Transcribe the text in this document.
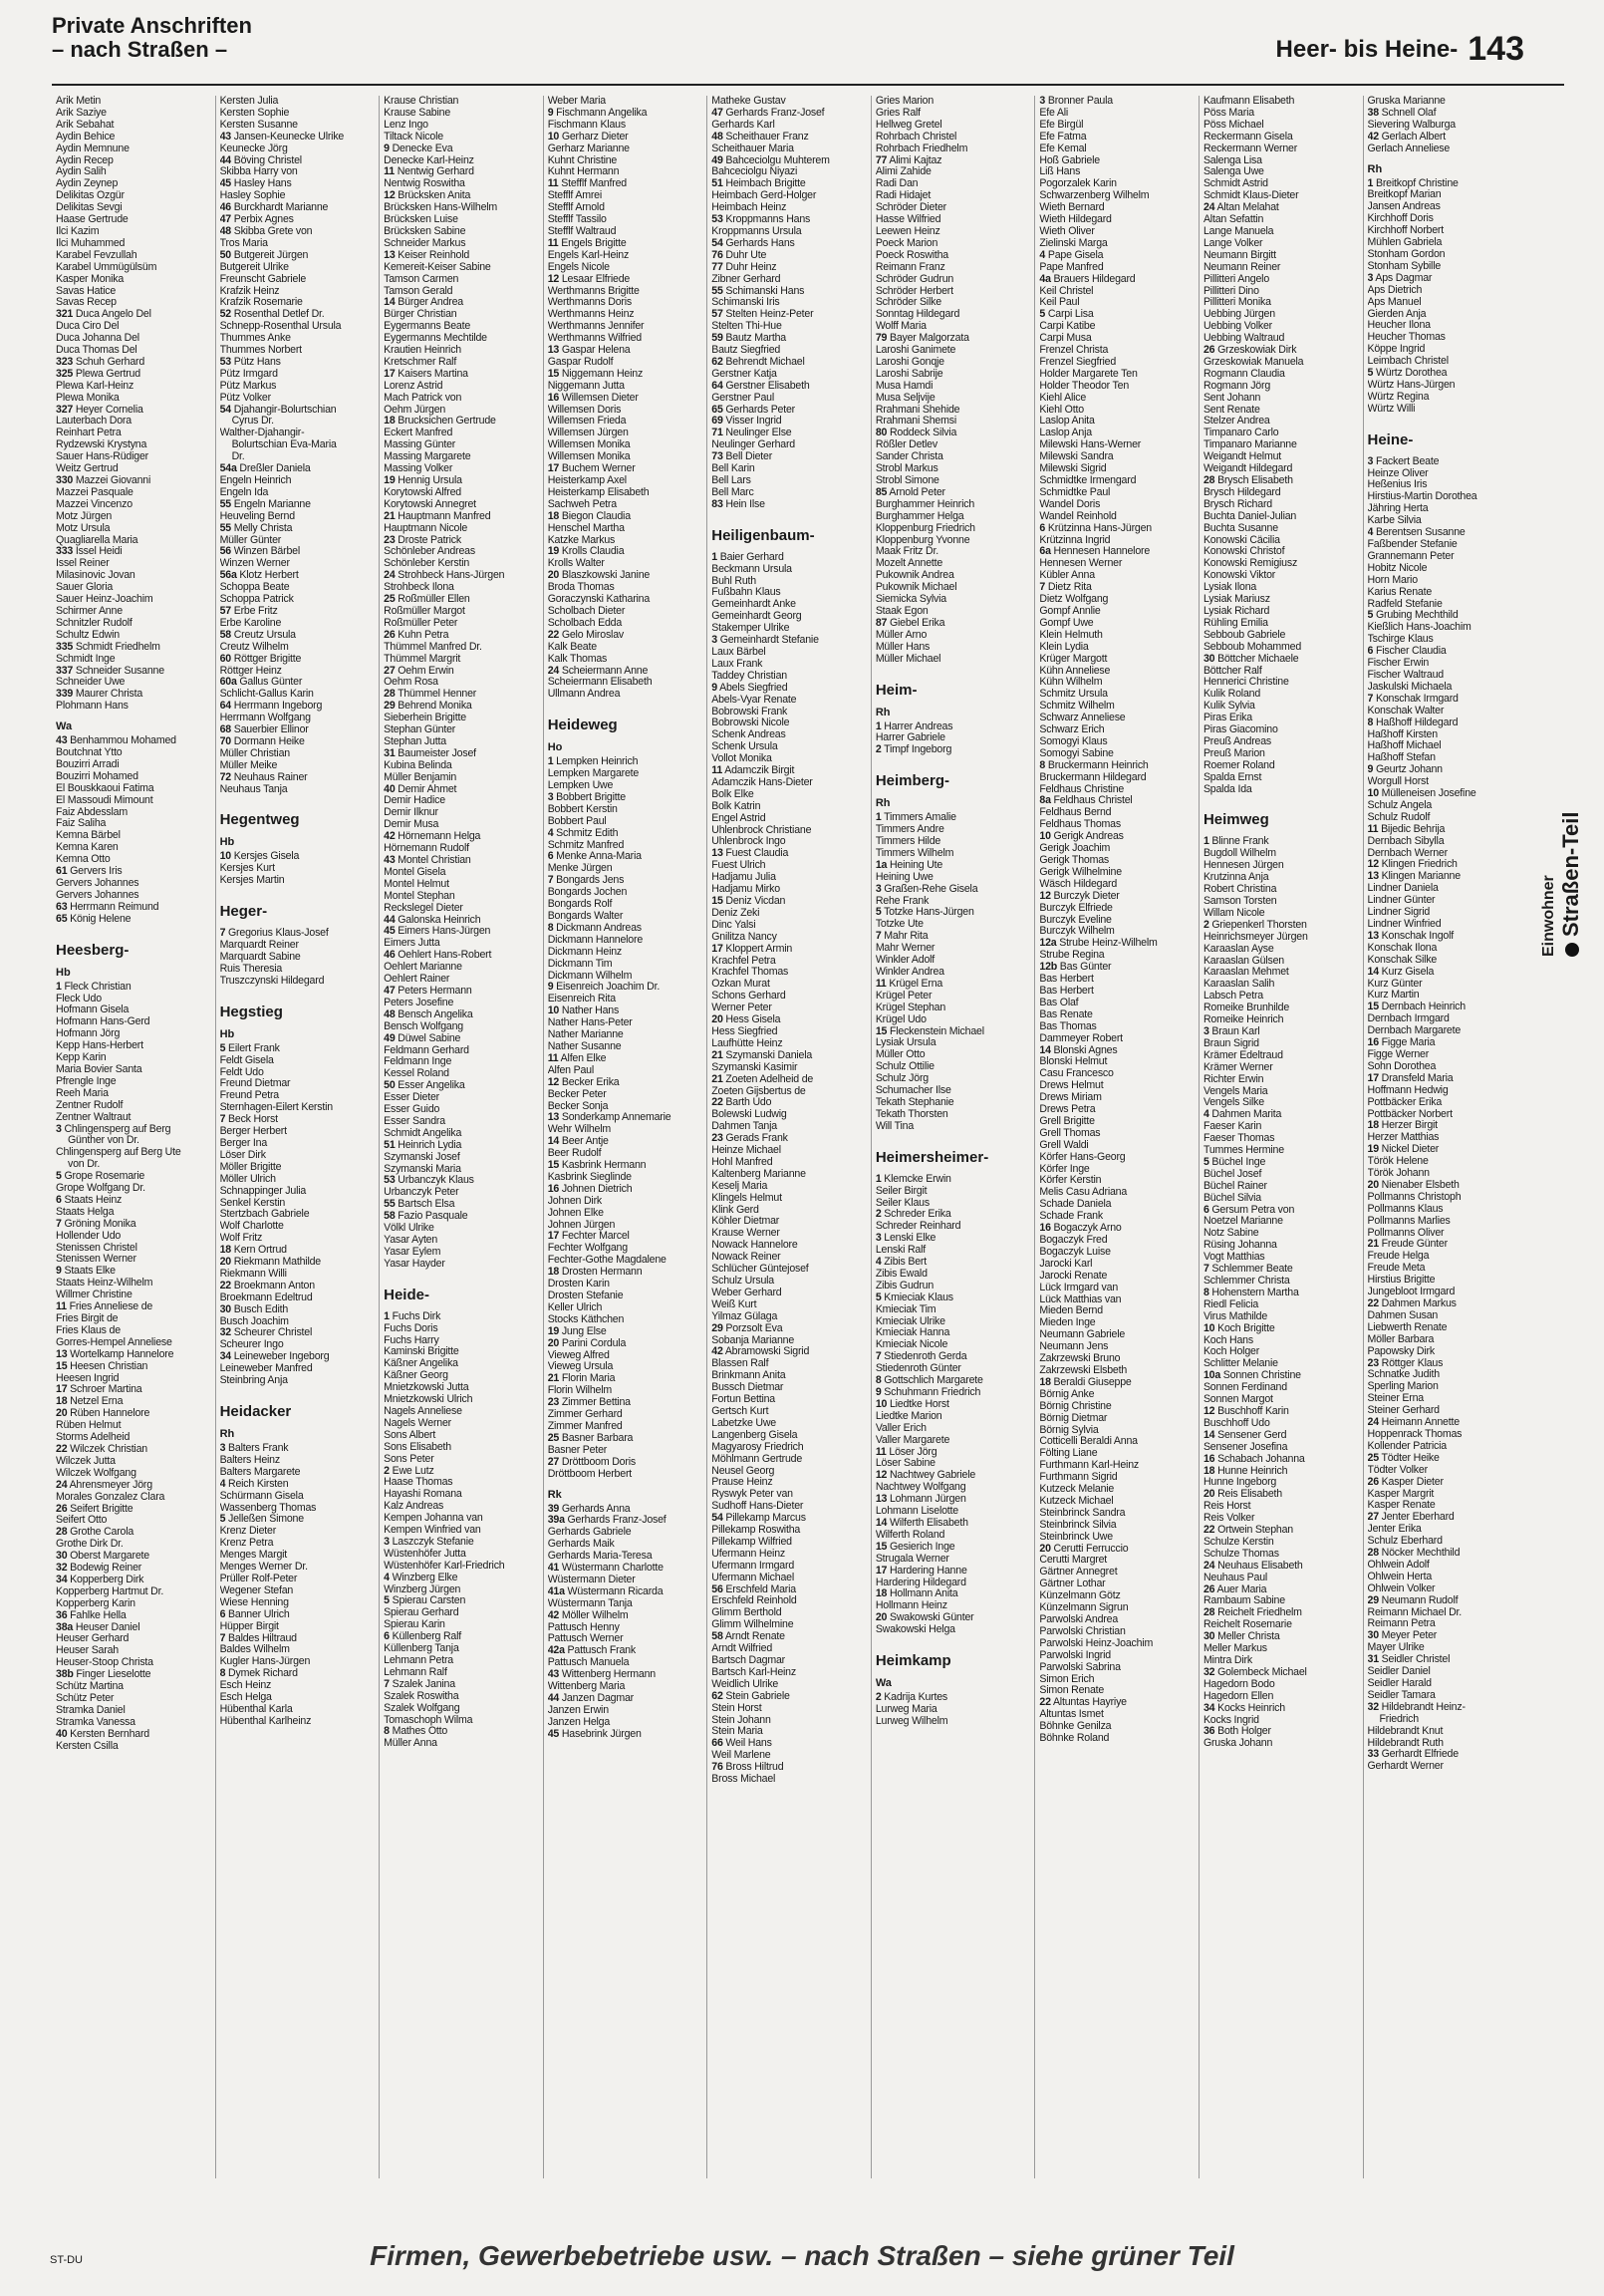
Private Anschriften
– nach Straßen –	Heer- bis Heine- 143
Arik Metin
Arik Saziye
Arik Sebahat
Aydin Behice
Aydin Memnune
Aydin Recep
Aydin Salih
Aydin Zeynep
Delikitas Özgür
Delikitas Sevgi
Haase Gertrude
Ilci Kazim
Ilci Muhammed
Karabel Fevzullah
Karabel Ümmügülsüm
Kasper Monika
Savas Hatice
Savas Recep
321 Duca Angelo Del
Duca Ciro Del
Duca Johanna Del
Duca Thomas Del
323 Schuh Gerhard
325 Plewa Gertrud
Plewa Karl-Heinz
Plewa Monika
327 Heyer Cornelia
Lauterbach Dora
Reinhart Petra
Rydzewski Krystyna
Sauer Hans-Rüdiger
Weitz Gertrud
330 Mazzei Giovanni
Mazzei Pasquale
Mazzei Vincenzo
Motz Jürgen
Motz Ursula
Quagliarella Maria
333 Issel Heidi
Issel Reiner
Milasinovic Jovan
Sauer Gloria
Sauer Heinz-Joachim
Schirmer Anne
Schnitzler Rudolf
Schultz Edwin
335 Schmidt Friedhelm
Schmidt Inge
337 Schneider Susanne
Schneider Uwe
339 Maurer Christa
Plohmann Hans
Wa
43 Benhammou Mohamed
Boutchnat Ytto
Bouzirri Arradi
Bouzirri Mohamed
El Bouskkaoui Fatima
El Massoudi Mimount
Faiz Abdesslam
Faiz Saliha
Kemna Bärbel
Kemna Karen
Kemna Otto
61 Gervers Iris
Gervers Johannes
Gervers Johannes
63 Herrmann Reimund
65 König Helene
Heesberg-
Hb
1 Fleck Christian
Fleck Udo
Hofmann Gisela
Hofmann Hans-Gerd
Hofmann Jörg
Kepp Hans-Herbert
Kepp Karin
Maria Bovier Santa
Pfrengle Inge
Reeh Maria
Zentner Rudolf
Zentner Waltraut
3 Chlingensperg auf Berg
Günther von Dr.
Chlingensperg auf Berg Ute
von Dr.
5 Grope Rosemarie
Grope Wolfgang Dr.
6 Staats Heinz
Staats Helga
7 Gröning Monika
Hollender Udo
Stenissen Christel
Stenissen Werner
9 Staats Elke
Staats Heinz-Wilhelm
Willmer Christine
11 Fries Anneliese de
Fries Birgit de
Fries Klaus de
Gorres-Hempel Anneliese
13 Wortelkamp Hannelore
15 Heesen Christian
Heesen Ingrid
17 Schroer Martina
18 Netzel Erna
20 Rüben Hannelore
Rüben Helmut
Storms Adelheid
22 Wilczek Christian
Wilczek Jutta
Wilczek Wolfgang
24 Ahrensmeyer Jörg
Morales Gonzalez Clara
26 Seifert Brigitte
Seifert Otto
28 Grothe Carola
Grothe Dirk Dr.
30 Oberst Margarete
32 Bodewig Reiner
34 Kopperberg Dirk
Kopperberg Hartmut Dr.
Kopperberg Karin
36 Fahlke Hella
38a Heuser Daniel
Heuser Gerhard
Heuser Sarah
Heuser-Stoop Christa
38b Finger Lieselotte
Schütz Martina
Schütz Peter
Stramka Daniel
Stramka Vanessa
40 Kersten Bernhard
Kersten Csilla
Kersten Julia
Kersten Sophie
Kersten Susanne
43 Jansen-Keunecke Ulrike
Keunecke Jörg
44 Böving Christel
Skibba Harry von
45 Hasley Hans
Hasley Sophie
46 Burckhardt Marianne
47 Perbix Agnes
48 Skibba Grete von
Tros Maria
50 Butgereit Jürgen
Butgereit Ulrike
Freunscht Gabriele
Krafzik Heinz
Krafzik Rosemarie
52 Rosenthal Detlef Dr.
Schnepp-Rosenthal Ursula
Thummes Anke
Thummes Norbert
53 Pütz Hans
Pütz Irmgard
Pütz Markus
Pütz Volker
54 Djahangir-Bolurtschian
Cyrus Dr.
Walther-Djahangir-
Bolurtschian Eva-Maria
Dr.
54a Dreßler Daniela
Engeln Heinrich
Engeln Ida
55 Engeln Marianne
Heuveling Bernd
55 Melly Christa
Müller Günter
56 Winzen Bärbel
Winzen Werner
56a Klotz Herbert
Schoppa Beate
Schoppa Patrick
57 Erbe Fritz
Erbe Karoline
58 Creutz Ursula
Creutz Wilhelm
60 Röttger Brigitte
Röttger Heinz
60a Gallus Günter
Schlicht-Gallus Karin
64 Herrmann Ingeborg
Herrmann Wolfgang
68 Sauerbier Ellinor
70 Dormann Heike
Müller Christian
Müller Meike
72 Neuhaus Rainer
Neuhaus Tanja
Hegentweg
Hb
10 Kersjes Gisela
Kersjes Kurt
Kersjes Martin
Heger-
7 Gregorius Klaus-Josef
Marquardt Reiner
Marquardt Sabine
Ruis Theresia
Truszczynski Hildegard
Hegstieg
Hb
5 Eilert Frank
Feldt Gisela
Feldt Udo
Freund Dietmar
Freund Petra
Sternhagen-Eilert Kerstin
7 Beck Horst
Berger Herbert
Berger Ina
Löser Dirk
Möller Brigitte
Möller Ulrich
Schnappinger Julia
Senkel Kerstin
Stertzbach Gabriele
Wolf Charlotte
Wolf Fritz
18 Kern Ortrud
20 Riekmann Mathilde
Riekmann Willi
22 Broekmann Anton
Broekmann Edeltrud
30 Busch Edith
Busch Joachim
32 Scheurer Christel
Scheurer Ingo
34 Leineweber Ingeborg
Leineweber Manfred
Steinbring Anja
Heidacker
Rh
3 Balters Frank
Balters Heinz
Balters Margarete
4 Reich Kirsten
Schürmann Gisela
Wassenberg Thomas
5 Jelleßen Simone
Krenz Dieter
Krenz Petra
Menges Margit
Menges Werner Dr.
Prüller Rolf-Peter
Wegener Stefan
Wiese Henning
6 Banner Ulrich
Hüpper Birgit
7 Baldes Hiltraud
Baldes Wilhelm
Kugler Hans-Jürgen
8 Dymek Richard
Esch Heinz
Esch Helga
Hübenthal Karla
Hübenthal Karlheinz
Krause Christian
Krause Sabine
Lenz Ingo
Tiltack Nicole
9 Denecke Eva
Denecke Karl-Heinz
11 Nentwig Gerhard
Nentwig Roswitha
12 Brücksken Anita
Brücksken Hans-Wilhelm
Brücksken Luise
Brücksken Sabine
Schneider Markus
13 Keiser Reinhold
Kemereit-Keiser Sabine
Tamson Carmen
Tamson Gerald
14 Bürger Andrea
Bürger Christian
Eygermanns Beate
Eygermanns Mechtilde
Krautien Heinrich
Kretschmer Ralf
17 Kaisers Martina
Lorenz Astrid
Mach Patrick von
Oehm Jürgen
18 Brucksichen Gertrude
Eckert Manfred
Massing Günter
Massing Margarete
Massing Volker
19 Hennig Ursula
Korytowski Alfred
Korytowski Annegret
21 Hauptmann Manfred
Hauptmann Nicole
23 Droste Patrick
Schönleber Andreas
Schönleber Kerstin
24 Strohbeck Hans-Jürgen
Strohbeck Ilona
25 Roßmüller Ellen
Roßmüller Margot
Roßmüller Peter
26 Kuhn Petra
Thümmel Manfred Dr.
Thümmel Margrit
27 Oehm Erwin
Oehm Rosa
28 Thümmel Henner
29 Behrend Monika
Sieberhein Brigitte
Stephan Günter
Stephan Jutta
31 Baumeister Josef
Kubina Belinda
Müller Benjamin
40 Demir Ahmet
Demir Hadice
Demir Ilknur
Demir Musa
42 Hörnemann Helga
Hörnemann Rudolf
43 Montel Christian
Montel Gisela
Montel Helmut
Montel Stephan
Reckslegel Dieter
44 Galonska Heinrich
45 Eimers Hans-Jürgen
Eimers Jutta
46 Oehlert Hans-Robert
Oehlert Marianne
Oehlert Rainer
47 Peters Hermann
Peters Josefine
48 Bensch Angelika
Bensch Wolfgang
49 Düwel Sabine
Feldmann Gerhard
Feldmann Inge
Kessel Roland
50 Esser Angelika
Esser Dieter
Esser Guido
Esser Sandra
Schmidt Angelika
51 Heinrich Lydia
Szymanski Josef
Szymanski Maria
53 Urbanczyk Klaus
Urbanczyk Peter
55 Bartsch Elsa
58 Fazio Pasquale
Völkl Ulrike
Yasar Ayten
Yasar Eylem
Yasar Hayder
Heide-
1 Fuchs Dirk
Fuchs Doris
Fuchs Harry
Kaminski Brigitte
Käßner Angelika
Käßner Georg
Mnietzkowski Jutta
Mnietzkowski Ulrich
Nagels Anneliese
Nagels Werner
Sons Albert
Sons Elisabeth
Sons Peter
2 Ewe Lutz
Haase Thomas
Hayashi Romana
Kalz Andreas
Kempen Johanna van
Kempen Winfried van
3 Laszczyk Stefanie
Wüstenhöfer Jutta
Wüstenhöfer Karl-Friedrich
4 Winzberg Elke
Winzberg Jürgen
5 Spierau Carsten
Spierau Gerhard
Spierau Karin
6 Küllenberg Ralf
Küllenberg Tanja
Lehmann Petra
Lehmann Ralf
7 Szalek Janina
Szalek Roswitha
Szalek Wolfgang
Tomaschoph Wilma
8 Mathes Otto
Müller Anna
Weber Maria
9 Fischmann Angelika
Fischmann Klaus
10 Gerharz Dieter
Gerharz Marianne
Kuhnt Christine
Kuhnt Hermann
11 Stefflf Manfred
Stefflf Amrei
Stefflf Arnold
Stefflf Tassilo
Stefflf Waltraud
11 Engels Brigitte
Engels Karl-Heinz
Engels Nicole
12 Lesaar Elfriede
Werthmanns Brigitte
Werthmanns Doris
Werthmanns Heinz
Werthmanns Jennifer
Werthmanns Wilfried
13 Gaspar Helena
Gaspar Rudolf
15 Niggemann Heinz
Niggemann Jutta
16 Willemsen Dieter
Willemsen Doris
Willemsen Frieda
Willemsen Jürgen
Willemsen Monika
Willemsen Monika
17 Buchem Werner
Heisterkamp Axel
Heisterkamp Elisabeth
Sachweh Petra
18 Biegon Claudia
Henschel Martha
Katzke Markus
19 Krolls Claudia
Krolls Walter
20 Blaszkowski Janine
Broda Thomas
Goraczynski Katharina
Scholbach Dieter
Scholbach Edda
22 Gelo Miroslav
Kalk Beate
Kalk Thomas
24 Scheiermann Anne
Scheiermann Elisabeth
Ullmann Andrea
Heideweg
Ho
1 Lempken Heinrich
Lempken Margarete
Lempken Uwe
3 Bobbert Brigitte
Bobbert Kerstin
Bobbert Paul
4 Schmitz Edith
Schmitz Manfred
6 Menke Anna-Maria
Menke Jürgen
7 Bongards Jens
Bongards Jochen
Bongards Rolf
Bongards Walter
8 Dickmann Andreas
Dickmann Hannelore
Dickmann Heinz
Dickmann Tim
Dickmann Wilhelm
9 Eisenreich Joachim Dr.
Eisenreich Rita
10 Nather Hans
Nather Hans-Peter
Nather Marianne
Nather Susanne
11 Alfen Elke
Alfen Paul
12 Becker Erika
Becker Peter
Becker Sonja
13 Sonderkamp Annemarie
Wehr Wilhelm
14 Beer Antje
Beer Rudolf
15 Kasbrink Hermann
Kasbrink Sieglinde
16 Johnen Dietrich
Johnen Dirk
Johnen Elke
Johnen Jürgen
17 Fechter Marcel
Fechter Wolfgang
Fechter-Gothe Magdalene
18 Drosten Hermann
Drosten Karin
Drosten Stefanie
Keller Ulrich
Stocks Käthchen
19 Jung Else
20 Parini Cordula
Vieweg Alfred
Vieweg Ursula
21 Florin Maria
Florin Wilhelm
23 Zimmer Bettina
Zimmer Gerhard
Zimmer Manfred
25 Basner Barbara
Basner Peter
27 Dröttboom Doris
Dröttboom Herbert
Rk
39 Gerhards Anna
39a Gerhards Franz-Josef
Gerhards Gabriele
Gerhards Maik
Gerhards Maria-Teresa
41 Wüstermann Charlotte
Wüstermann Dieter
41a Wüstermann Ricarda
Wüstermann Tanja
42 Möller Wilhelm
Pattusch Henny
Pattusch Werner
42a Pattusch Frank
Pattusch Manuela
43 Wittenberg Hermann
Wittenberg Maria
44 Janzen Dagmar
Janzen Erwin
Janzen Helga
45 Hasebrink Jürgen
Matheke Gustav
47 Gerhards Franz-Josef
Gerhards Karl
48 Scheithauer Franz
Scheithauer Maria
49 Bahceciolgu Muhterem
Bahceciolgu Niyazi
51 Heimbach Brigitte
Heimbach Gerd-Holger
Heimbach Heinz
53 Kroppmanns Hans
Kroppmanns Ursula
54 Gerhards Hans
76 Duhr Ute
77 Duhr Heinz
Zibner Gerhard
55 Schimanski Hans
Schimanski Iris
57 Stelten Heinz-Peter
Stelten Thi-Hue
59 Bautz Martha
Bautz Siegfried
62 Behrendt Michael
Gerstner Katja
64 Gerstner Elisabeth
Gerstner Paul
65 Gerhards Peter
69 Visser Ingrid
71 Neulinger Else
Neulinger Gerhard
73 Bell Dieter
Bell Karin
Bell Lars
Bell Marc
83 Hein Ilse
Heiligenbaum-
1 Baier Gerhard
Beckmann Ursula
Buhl Ruth
Fußbahn Klaus
Gemeinhardt Anke
Gemeinhardt Georg
Stakemper Ulrike
3 Gemeinhardt Stefanie
Laux Bärbel
Laux Frank
Taddey Christian
9 Abels Siegfried
Abels-Vyar Renate
Bobrowski Frank
Bobrowski Nicole
Schenk Andreas
Schenk Ursula
Vollot Monika
11 Adamczik Birgit
Adamczik Hans-Dieter
Bolk Elke
Bolk Katrin
Engel Astrid
Uhlenbrock Christiane
Uhlenbrock Ingo
13 Fuest Claudia
Fuest Ulrich
Hadjamu Julia
Hadjamu Mirko
15 Deniz Vicdan
Deniz Zeki
Dinc Yalsi
Gnilitza Nancy
17 Kloppert Armin
Krachfel Petra
Krachfel Thomas
Özkan Murat
Schons Gerhard
Werner Peter
20 Hess Gisela
Hess Siegfried
Laufhütte Heinz
21 Szymanski Daniela
Szymanski Kasimir
21 Zoeten Adelheid de
Zoeten Gijsbertus de
22 Barth Udo
Bolewski Ludwig
Dahmen Tanja
23 Gerads Frank
Heinze Michael
Hohl Manfred
Kaltenberg Marianne
Keselj Maria
Klingels Helmut
Klink Gerd
Köhler Dietmar
Krause Werner
Nowack Hannelore
Nowack Reiner
Schlücher Güntejosef
Schulz Ursula
Weber Gerhard
Weiß Kurt
Yilmaz Gülaga
29 Porzsolt Eva
Sobanja Marianne
42 Abramowski Sigrid
Blassen Ralf
Brinkmann Anita
Bussch Dietmar
Fortun Bettina
Gertsch Kurt
Labetzke Uwe
Langenberg Gisela
Magyarosy Friedrich
Möhlmann Gertrude
Neusel Georg
Prause Heinz
Ryswyk Peter van
Sudhoff Hans-Dieter
54 Pillekamp Marcus
Pillekamp Roswitha
Pillekamp Wilfried
Ufermann Heinz
Ufermann Irmgard
Ufermann Michael
56 Erschfeld Maria
Erschfeld Reinhold
Glimm Berthold
Glimm Wilhelmine
58 Arndt Renate
Arndt Wilfried
Bartsch Dagmar
Bartsch Karl-Heinz
Weidlich Ulrike
62 Stein Gabriele
Stein Horst
Stein Johann
Stein Maria
66 Weil Hans
Weil Marlene
76 Bross Hiltrud
Bross Michael
Gries Marion
Gries Ralf
Hellweg Gretel
Rohrbach Christel
Rohrbach Friedhelm
77 Alimi Kajtaz
Alimi Zahide
Radi Dan
Radi Hidajet
Schröder Dieter
Hasse Wilfried
Leewen Heinz
Poeck Marion
Poeck Roswitha
Reimann Franz
Schröder Gudrun
Schröder Herbert
Schröder Silke
Sonntag Hildegard
Wolff Maria
79 Bayer Malgorzata
Laroshi Ganimete
Laroshi Gonqje
Laroshi Sabrije
Musa Hamdi
Musa Seljvije
Rrahmani Shehide
Rrahmani Shemsi
80 Roddeck Silvia
Rößler Detlev
Sander Christa
Strobl Markus
Strobl Simone
85 Arnold Peter
Burghammer Heinrich
Burghammer Helga
Kloppenburg Friedrich
Kloppenburg Yvonne
Maak Fritz Dr.
Mozelt Annette
Pukownik Andrea
Pukownik Michael
Siemicka Sylvia
Staak Egon
87 Giebel Erika
Müller Arno
Müller Hans
Müller Michael
Heim-
Rh
1 Harrer Andreas
Harrer Gabriele
2 Timpf Ingeborg
Heimberg-
Rh
1 Timmers Amalie
Timmers Andre
Timmers Hilde
Timmers Wilhelm
1a Heining Ute
Heining Uwe
3 Graßen-Rehe Gisela
Rehe Frank
5 Totzke Hans-Jürgen
Totzke Ute
7 Mahr Rita
Mahr Werner
Winkler Adolf
Winkler Andrea
11 Krügel Erna
Krügel Peter
Krügel Stephan
Krügel Udo
15 Fleckenstein Michael
Lysiak Ursula
Müller Otto
Schulz Ottilie
Schulz Jörg
Schumacher Ilse
Tekath Stephanie
Tekath Thorsten
Will Tina
Heimersheimer-
1 Klemcke Erwin
Seiler Birgit
Seiler Klaus
2 Schreder Erika
Schreder Reinhard
3 Lenski Elke
Lenski Ralf
4 Zibis Bert
Zibis Ewald
Zibis Gudrun
5 Kmieciak Klaus
Kmieciak Tim
Kmieciak Ulrike
Kmieciak Hanna
Kmieciak Nicole
7 Stiedenroth Gerda
Stiedenroth Günter
8 Gottschlich Margarete
9 Schuhmann Friedrich
10 Liedtke Horst
Liedtke Marion
Valler Erich
Valler Margarete
11 Löser Jörg
Löser Sabine
12 Nachtwey Gabriele
Nachtwey Wolfgang
13 Lohmann Jürgen
Lohmann Liselotte
14 Wilferth Elisabeth
Wilferth Roland
15 Gesierich Inge
Strugala Werner
17 Hardering Hanne
Hardering Hildegard
18 Hollmann Anita
Hollmann Heinz
20 Swakowski Günter
Swakowski Helga
Heimkamp
Wa
2 Kadrija Kurtes
Lurweg Maria
Lurweg Wilhelm
3 Bronner Paula
Efe Ali
Efe Birgül
Efe Fatma
Efe Kemal
Hoß Gabriele
Liß Hans
Pogorzalek Karin
Schwarzenberg Wilhelm
Wieth Bernard
Wieth Hildegard
Wieth Oliver
Zielinski Marga
4 Pape Gisela
Pape Manfred
4a Brauers Hildegard
Keil Christel
Keil Paul
5 Carpi Lisa
Carpi Katibe
Carpi Musa
Frenzel Christa
Frenzel Siegfried
Holder Margarete Ten
Holder Theodor Ten
Kiehl Alice
Kiehl Otto
Laslop Anita
Laslop Anja
Milewski Hans-Werner
Milewski Sandra
Milewski Sigrid
Schmidtke Irmengard
Schmidtke Paul
Wandel Doris
Wandel Reinhold
6 Krützinna Hans-Jürgen
Krützinna Ingrid
6a Hennesen Hannelore
Hennesen Werner
Kübler Anna
7 Dietz Rita
Dietz Wolfgang
Gompf Annlie
Gompf Uwe
Klein Helmuth
Klein Lydia
Krüger Margott
Kühn Anneliese
Kühn Wilhelm
Schmitz Ursula
Schmitz Wilhelm
Schwarz Anneliese
Schwarz Erich
Somogyi Klaus
Somogyi Sabine
8 Bruckermann Heinrich
Bruckermann Hildegard
Feldhaus Christine
8a Feldhaus Christel
Feldhaus Bernd
Feldhaus Thomas
10 Gerigk Andreas
Gerigk Joachim
Gerigk Thomas
Gerigk Wilhelmine
Wäsch Hildegard
12 Burczyk Dieter
Burczyk Elfriede
Burczyk Eveline
Burczyk Wilhelm
12a Strube Heinz-Wilhelm
Strube Regina
12b Bas Günter
Bas Herbert
Bas Herbert
Bas Olaf
Bas Renate
Bas Thomas
Dammeyer Robert
14 Blonski Agnes
Blonski Helmut
Casu Francesco
Drews Helmut
Drews Miriam
Drews Petra
Grell Brigitte
Grell Thomas
Grell Waldi
Körfer Hans-Georg
Körfer Inge
Körfer Kerstin
Melis Casu Adriana
Schade Daniela
Schade Frank
16 Bogaczyk Arno
Bogaczyk Fred
Bogaczyk Luise
Jarocki Karl
Jarocki Renate
Lück Irmgard van
Lück Matthias van
Mieden Bernd
Mieden Inge
Neumann Gabriele
Neumann Jens
Zakrzewski Bruno
Zakrzewski Elsbeth
18 Beraldi Giuseppe
Börnig Anke
Börnig Christine
Börnig Dietmar
Börnig Sylvia
Cotticelli Beraldi Anna
Fölting Liane
Furthmann Karl-Heinz
Furthmann Sigrid
Kutzeck Melanie
Kutzeck Michael
Steinbrinck Sandra
Steinbrinck Silvia
Steinbrinck Uwe
20 Cerutti Ferruccio
Cerutti Margret
Gärtner Annegret
Gärtner Lothar
Künzelmann Götz
Künzelmann Sigrun
Parwolski Andrea
Parwolski Christian
Parwolski Heinz-Joachim
Parwolski Ingrid
Parwolski Sabrina
Simon Erich
Simon Renate
22 Altuntas Hayriye
Altuntas Ismet
Böhnke Genilza
Böhnke Roland
Kaufmann Elisabeth
Pöss Maria
Pöss Michael
Reckermann Gisela
Reckermann Werner
Salenga Lisa
Salenga Uwe
Schmidt Astrid
Schmidt Klaus-Dieter
24 Altan Melahat
Altan Sefattin
Lange Manuela
Lange Volker
Neumann Birgitt
Neumann Reiner
Pillitteri Angelo
Pillitteri Dino
Pillitteri Monika
Uebbing Jürgen
Uebbing Volker
Uebbing Waltraud
26 Grzeskowiak Dirk
Grzeskowiak Manuela
Rogmann Claudia
Rogmann Jörg
Sent Johann
Sent Renate
Stelzer Andrea
Timpanaro Carlo
Timpanaro Marianne
Weigandt Helmut
Weigandt Hildegard
28 Brysch Elisabeth
Brysch Hildegard
Brysch Richard
Buchta Daniel-Julian
Buchta Susanne
Konowski Cäcilia
Konowski Christof
Konowski Remigiusz
Konowski Viktor
Lysiak Ilona
Lysiak Mariusz
Lysiak Richard
Rühling Emilia
Sebboub Gabriele
Sebboub Mohammed
30 Böttcher Michaele
Böttcher Ralf
Hennerici Christine
Kulik Roland
Kulik Sylvia
Piras Erika
Piras Giacomino
Preuß Andreas
Preuß Marion
Roemer Roland
Spalda Ernst
Spalda Ida
Heimweg
1 Blinne Frank
Bugdoll Wilhelm
Hennesen Jürgen
Krutzinna Anja
Robert Christina
Samson Torsten
Willam Nicole
2 Griepenkerl Thorsten
Heinrichsmeyer Jürgen
Karaaslan Ayse
Karaaslan Gülsen
Karaaslan Mehmet
Karaaslan Salih
Labsch Petra
Romeike Brunhilde
Romeike Heinrich
3 Braun Karl
Braun Sigrid
Krämer Edeltraud
Krämer Werner
Richter Erwin
Vengels Maria
Vengels Silke
4 Dahmen Marita
Faeser Karin
Faeser Thomas
Tummes Hermine
5 Büchel Inge
Büchel Josef
Büchel Rainer
Büchel Silvia
6 Gersum Petra von
Noetzel Marianne
Notz Sabine
Rüsing Johanna
Vogt Matthias
7 Schlemmer Beate
Schlemmer Christa
8 Hohenstern Martha
Riedl Felicia
Virus Mathilde
10 Koch Brigitte
Koch Hans
Koch Holger
Schlitter Melanie
10a Sonnen Christine
Sonnen Ferdinand
Sonnen Margot
12 Buschhoff Karin
Buschhoff Udo
14 Sensener Gerd
Sensener Josefina
16 Schabach Johanna
18 Hunne Heinrich
Hunne Ingeborg
20 Reis Elisabeth
Reis Horst
Reis Volker
22 Ortwein Stephan
Schulze Kerstin
Schulze Thomas
24 Neuhaus Elisabeth
Neuhaus Paul
26 Auer Maria
Rambaum Sabine
28 Reichelt Friedhelm
Reichelt Rosemarie
30 Meller Christa
Meller Markus
Mintra Dirk
32 Golembeck Michael
Hagedorn Bodo
Hagedorn Ellen
34 Kocks Heinrich
Kocks Ingrid
36 Both Holger
Gruska Johann
Gruska Marianne
38 Schnell Olaf
Sievering Walburga
42 Gerlach Albert
Gerlach Anneliese
Rh
1 Breitkopf Christine
Breitkopf Marian
Jansen Andreas
Kirchhoff Doris
Kirchhoff Norbert
Mühlen Gabriela
Stonham Gordon
Stonham Sybille
3 Aps Dagmar
Aps Dietrich
Aps Manuel
Gierden Anja
Heucher Ilona
Heucher Thomas
Köppe Ingrid
Leimbach Christel
5 Würtz Dorothea
Würtz Hans-Jürgen
Würtz Regina
Würtz Willi
Heine-
3 Fackert Beate
Heinze Oliver
Heßenius Iris
Hirstius-Martin Dorothea
Jähring Herta
Karbe Silvia
4 Berentsen Susanne
Faßbender Stefanie
Grannemann Peter
Hobitz Nicole
Horn Mario
Karius Renate
Radfeld Stefanie
5 Grubing Mechthild
Kießlich Hans-Joachim
Tschirge Klaus
6 Fischer Claudia
Fischer Erwin
Fischer Waltraud
Jaskulski Michaela
7 Konschak Irmgard
Konschak Walter
8 Haßhoff Hildegard
Haßhoff Kirsten
Haßhoff Michael
Haßhoff Stefan
9 Geurtz Johann
Worgull Horst
10 Mülleneisen Josefine
Schulz Angela
Schulz Rudolf
11 Bijedic Behrija
Dernbach Sibylla
Dernbach Werner
12 Klingen Friedrich
13 Klingen Marianne
Lindner Daniela
Lindner Günter
Lindner Sigrid
Lindner Winfried
13 Konschak Ingolf
Konschak Ilona
Konschak Silke
14 Kurz Gisela
Kurz Günter
Kurz Martin
15 Dernbach Heinrich
Dernbach Irmgard
Dernbach Margarete
16 Figge Maria
Figge Werner
Sohn Dorothea
17 Dransfeld Maria
Hoffmann Hedwig
Pottbäcker Erika
Pottbäcker Norbert
18 Herzer Birgit
Herzer Matthias
19 Nickel Dieter
Török Helene
Török Johann
20 Nienaber Elsbeth
Pollmanns Christoph
Pollmanns Klaus
Pollmanns Marlies
Pollmanns Oliver
21 Freude Günter
Freude Helga
Freude Meta
Hirstius Brigitte
Jungebloot Irmgard
22 Dahmen Markus
Dahmen Susan
Liebwerth Renate
Möller Barbara
Papowsky Dirk
23 Röttger Klaus
Schnatke Judith
Sperling Marion
Steiner Erna
Steiner Gerhard
24 Heimann Annette
Hoppenrack Thomas
Kollender Patricia
25 Tödter Heike
Tödter Volker
26 Kasper Dieter
Kasper Margrit
Kasper Renate
27 Jenter Eberhard
Jenter Erika
Schulz Eberhard
28 Nöcker Mechthild
Ohlwein Adolf
Ohlwein Herta
Ohlwein Volker
29 Neumann Rudolf
Reimann Michael Dr.
Reimann Petra
30 Meyer Peter
Mayer Ulrike
31 Seidler Christel
Seidler Daniel
Seidler Harald
Seidler Tamara
32 Hildebrandt Heinz-
Friedrich
Hildebrandt Knut
Hildebrandt Ruth
33 Gerhardt Elfriede
Gerhardt Werner
Einwohner Straßen-Teil
ST-DU	Firmen, Gewerbebetriebe usw. – nach Straßen – siehe grüner Teil
